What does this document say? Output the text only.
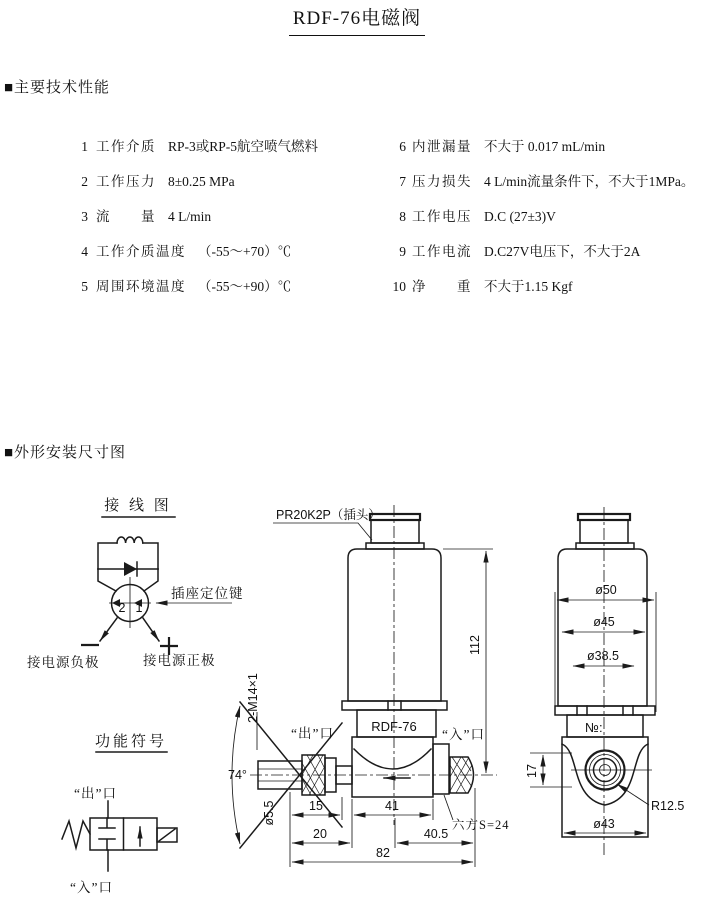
RDF-76电磁阀
■主要技术性能
1 工作介质 RP-3或RP-5航空喷气燃料
2 工作压力 8±0.25 MPa
3 流　　量 4 L/min
4 工作介质温度 （-55～+70）℃
5 周围环境温度 （-55～+90）℃
6 内泄漏量 不大于 0.017 mL/min
7 压力损失 4 L/min流量条件下，不大于1MPa。
8 工作电压 D.C (27±3)V
9 工作电流 D.C27V电压下，不大于2A
10 净　　重 不大于1.15 Kgf
■外形安装尺寸图
接 线 图
2 1
插座定位键
接电源负极	接电源正极
功能符号
“出”口
“入”口
PR20K2P（插头）
RDF-76
74°
ø5.5
2-M14×1
“出”口	“入”口
112
15	41
20	40.5
82
六方S=24
ø50
ø45
ø38.5
№:
17
R12.5
ø43
